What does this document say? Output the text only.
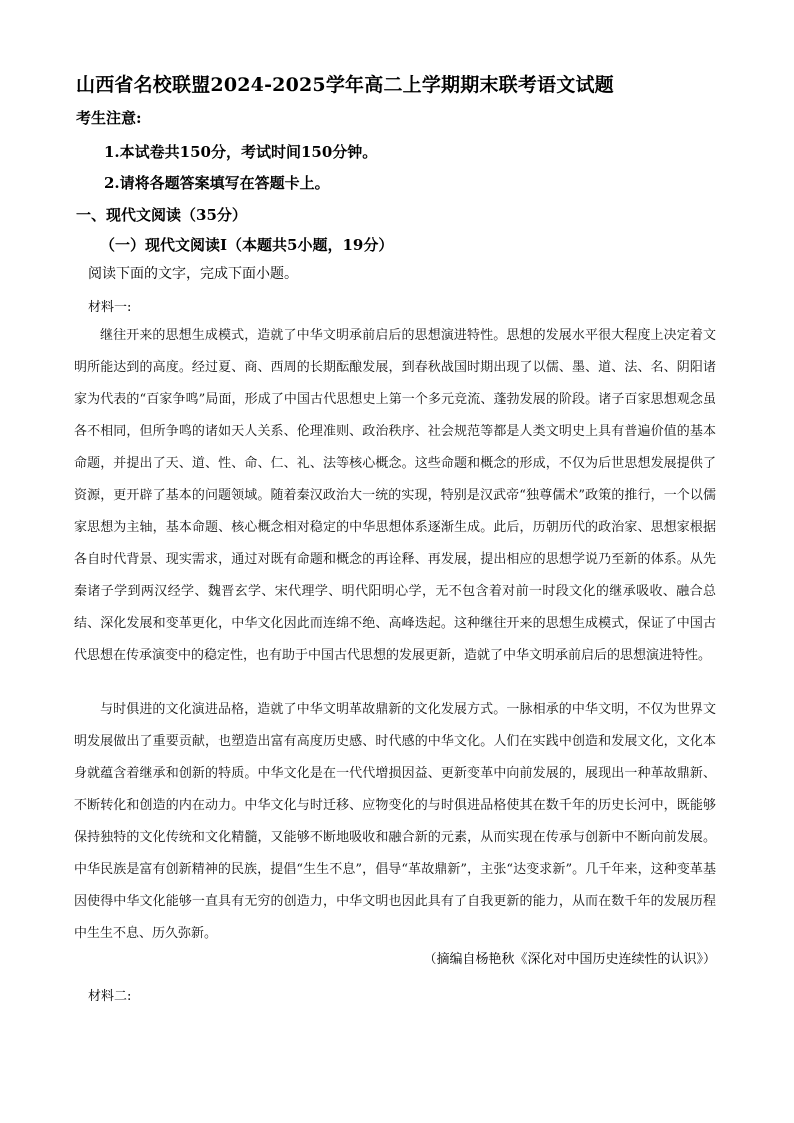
山西省名校联盟2024-2025学年高二上学期期末联考语文试题
考生注意:
1.本试卷共150分，考试时间150分钟。
2.请将各题答案填写在答题卡上。
一、现代文阅读（35分）
（一）现代文阅读Ⅰ（本题共5小题，19分）
阅读下面的文字，完成下面小题。
材料一:
继往开来的思想生成模式，造就了中华文明承前启后的思想演进特性。思想的发展水平很大程度上决定着文明所能达到的高度。经过夏、商、西周的长期酝酿发展，到春秋战国时期出现了以儒、墨、道、法、名、阴阳诸家为代表的“百家争鸣”局面，形成了中国古代思想史上第一个多元竞流、蓬勃发展的阶段。诸子百家思想观念虽各不相同，但所争鸣的诸如天人关系、伦理准则、政治秩序、社会规范等都是人类文明史上具有普遍价值的基本命题，并提出了天、道、性、命、仁、礼、法等核心概念。这些命题和概念的形成，不仅为后世思想发展提供了资源，更开辟了基本的问题领域。随着秦汉政治大一统的实现，特别是汉武帝“独尊儒术”政策的推行，一个以儒家思想为主轴，基本命题、核心概念相对稳定的中华思想体系逐渐生成。此后，历朝历代的政治家、思想家根据各自时代背景、现实需求，通过对既有命题和概念的再诠释、再发展，提出相应的思想学说乃至新的体系。从先秦诸子学到两汉经学、魏晋玄学、宋代理学、明代阳明心学，无不包含着对前一时段文化的继承吸收、融合总结、深化发展和变革更化，中华文化因此而连绵不绝、高峰迭起。这种继往开来的思想生成模式，保证了中国古代思想在传承演变中的稳定性，也有助于中国古代思想的发展更新，造就了中华文明承前启后的思想演进特性。
与时俱进的文化演进品格，造就了中华文明革故鼎新的文化发展方式。一脉相承的中华文明，不仅为世界文明发展做出了重要贡献，也塑造出富有高度历史感、时代感的中华文化。人们在实践中创造和发展文化，文化本身就蕴含着继承和创新的特质。中华文化是在一代代增损因益、更新变革中向前发展的，展现出一种革故鼎新、不断转化和创造的内在动力。中华文化与时迁移、应物变化的与时俱进品格使其在数千年的历史长河中，既能够保持独特的文化传统和文化精髓，又能够不断地吸收和融合新的元素，从而实现在传承与创新中不断向前发展。中华民族是富有创新精神的民族，提倡“生生不息”，倡导“革故鼎新”，主张“达变求新”。几千年来，这种变革基因使得中华文化能够一直具有无穷的创造力，中华文明也因此具有了自我更新的能力，从而在数千年的发展历程中生生不息、历久弥新。
（摘编自杨艳秋《深化对中国历史连续性的认识》）
材料二:
